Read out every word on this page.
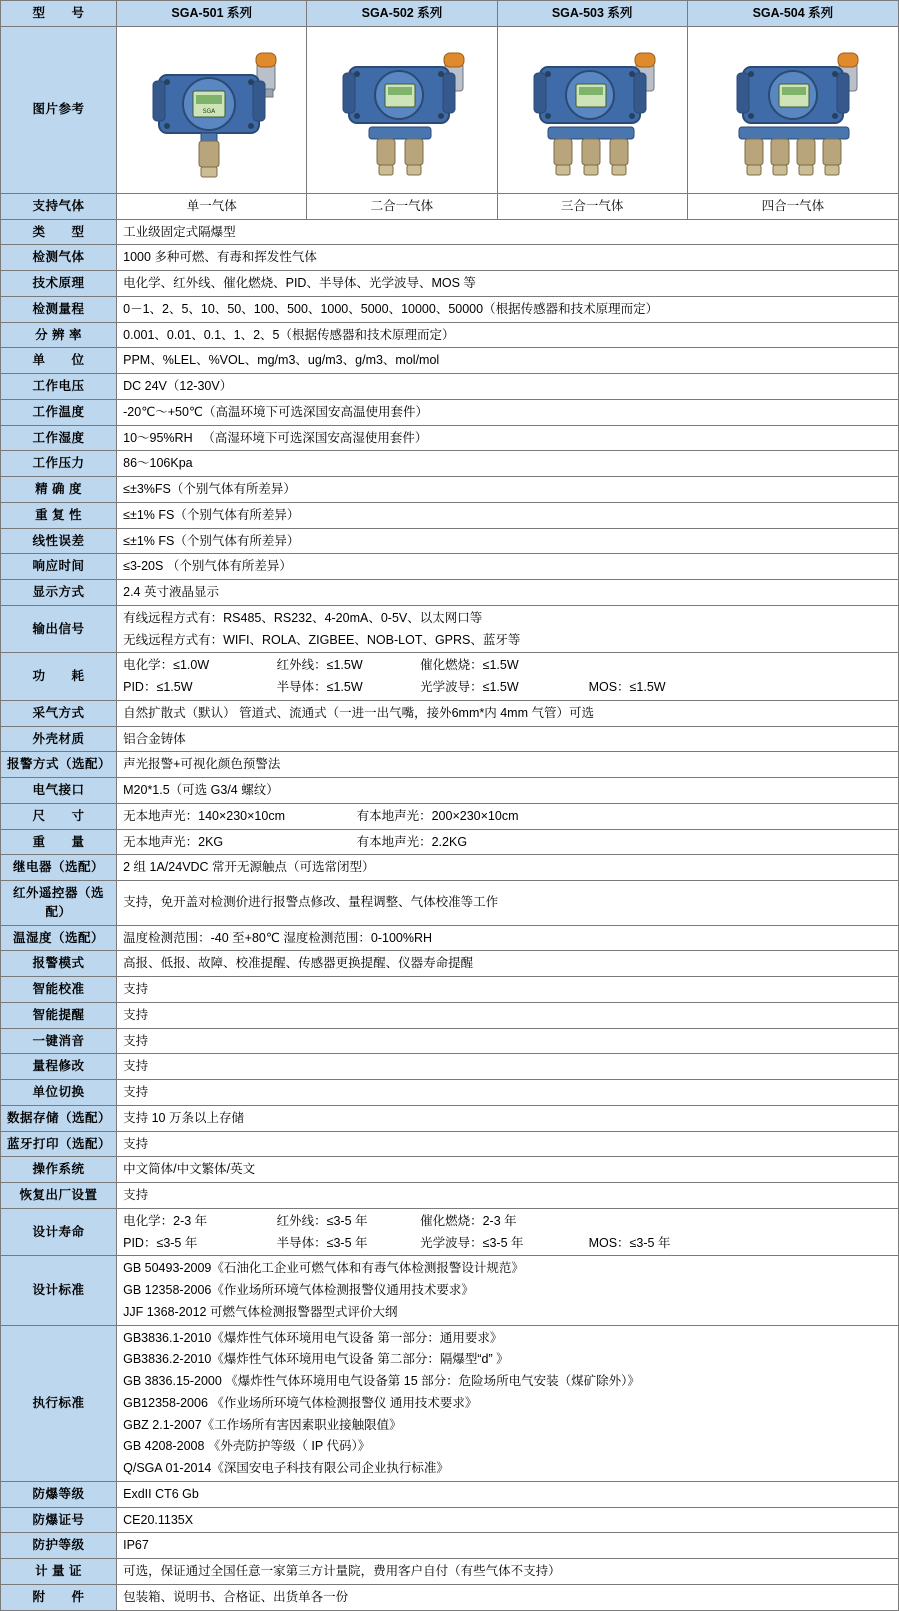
型　　号	SGA-501 系列	SGA-502 系列	SGA-503 系列	SGA-504 系列
图片参考	SGA

支持气体	单一气体	二合一气体	三合一气体	四合一气体
类　　型	工业级固定式隔爆型			
检测气体	1000 多种可燃、有毒和挥发性气体			
技术原理	电化学、红外线、催化燃烧、PID、半导体、光学波导、MOS 等			
检测量程	0－1、2、5、10、50、100、500、1000、5000、10000、50000（根据传感器和技术原理而定）			
分 辨 率	0.001、0.01、0.1、1、2、5（根据传感器和技术原理而定）			
单　　位	PPM、%LEL、%VOL、mg/m3、ug/m3、g/m3、mol/mol			
工作电压	DC 24V（12-30V）			
工作温度	-20℃～+50℃（高温环境下可选深国安高温使用套件）			
工作湿度	10～95%RH 　（高湿环境下可选深国安高湿使用套件）			
工作压力	86～106Kpa			
精 确 度	≤±3%FS（个别气体有所差异）			
重 复 性	≤±1% FS（个别气体有所差异）			
线性误差	≤±1% FS（个别气体有所差异）			
响应时间	≤3-20S （个别气体有所差异）			
显示方式	2.4 英寸液晶显示			
输出信号	有线远程方式有：RS485、RS232、4-20mA、0-5V、以太网口等
无线远程方式有：WIFI、ROLA、ZIGBEE、NOB-LOT、GPRS、蓝牙等			

功　　耗	电化学：≤1.0W 红外线：≤1.5W 催化燃烧：≤1.5W
PID：≤1.5W 半导体：≤1.5W 光学波导：≤1.5W MOS：≤1.5W			

采气方式	自然扩散式（默认） 管道式、流通式（一进一出气嘴，接外6mm*内 4mm 气管）可选			
外壳材质	铝合金铸体			
报警方式（选配）	声光报警+可视化颜色预警法			
电气接口	M20*1.5（可选 G3/4 螺纹）			
尺　　寸	无本地声光：140×230×10cm 有本地声光：200×230×10cm			
重　　量	无本地声光：2KG 有本地声光：2.2KG			
继电器（选配）	2 组 1A/24VDC 常开无源触点（可选常闭型）			
红外遥控器（选配）	支持，免开盖对检测价进行报警点修改、量程调整、气体校准等工作			
温湿度（选配）	温度检测范围：-40 至+80℃ 湿度检测范围：0-100%RH			
报警模式	高报、低报、故障、校准提醒、传感器更换提醒、仪器寿命提醒			
智能校准	支持			
智能提醒	支持			
一键消音	支持			
量程修改	支持			
单位切换	支持			
数据存储（选配）	支持 10 万条以上存储			
蓝牙打印（选配）	支持			
操作系统	中文简体/中文繁体/英文			
恢复出厂设置	支持			
设计寿命	电化学：2-3 年 红外线：≤3-5 年 催化燃烧：2-3 年
PID：≤3-5 年 半导体：≤3-5 年 光学波导：≤3-5 年 MOS：≤3-5 年			

设计标准	GB 50493-2009《石油化工企业可燃气体和有毒气体检测报警设计规范》
GB 12358-2006《作业场所环境气体检测报警仪通用技术要求》
JJF 1368-2012 可燃气体检测报警器型式评价大纲			

执行标准	
GB3836.1-2010《爆炸性气体环境用电气设备 第一部分：通用要求》
GB3836.2-2010《爆炸性气体环境用电气设备 第二部分：隔爆型“d” 》
GB 3836.15-2000 《爆炸性气体环境用电气设备第 15 部分：危险场所电气安装（煤矿除外）》
GB12358-2006 《作业场所环境气体检测报警仪 通用技术要求》
GBZ 2.1-2007《工作场所有害因素职业接触限值》
GB 4208-2008 《外壳防护等级（ IP 代码）》
Q/SGA 01-2014《深国安电子科技有限公司企业执行标准》

防爆等级	ExdII CT6 Gb			
防爆证号	CE20.1135X			
防护等级	IP67			
计 量 证	可选，保证通过全国任意一家第三方计量院，费用客户自付（有些气体不支持）			
附　　件	包装箱、说明书、合格证、出货单各一份			
